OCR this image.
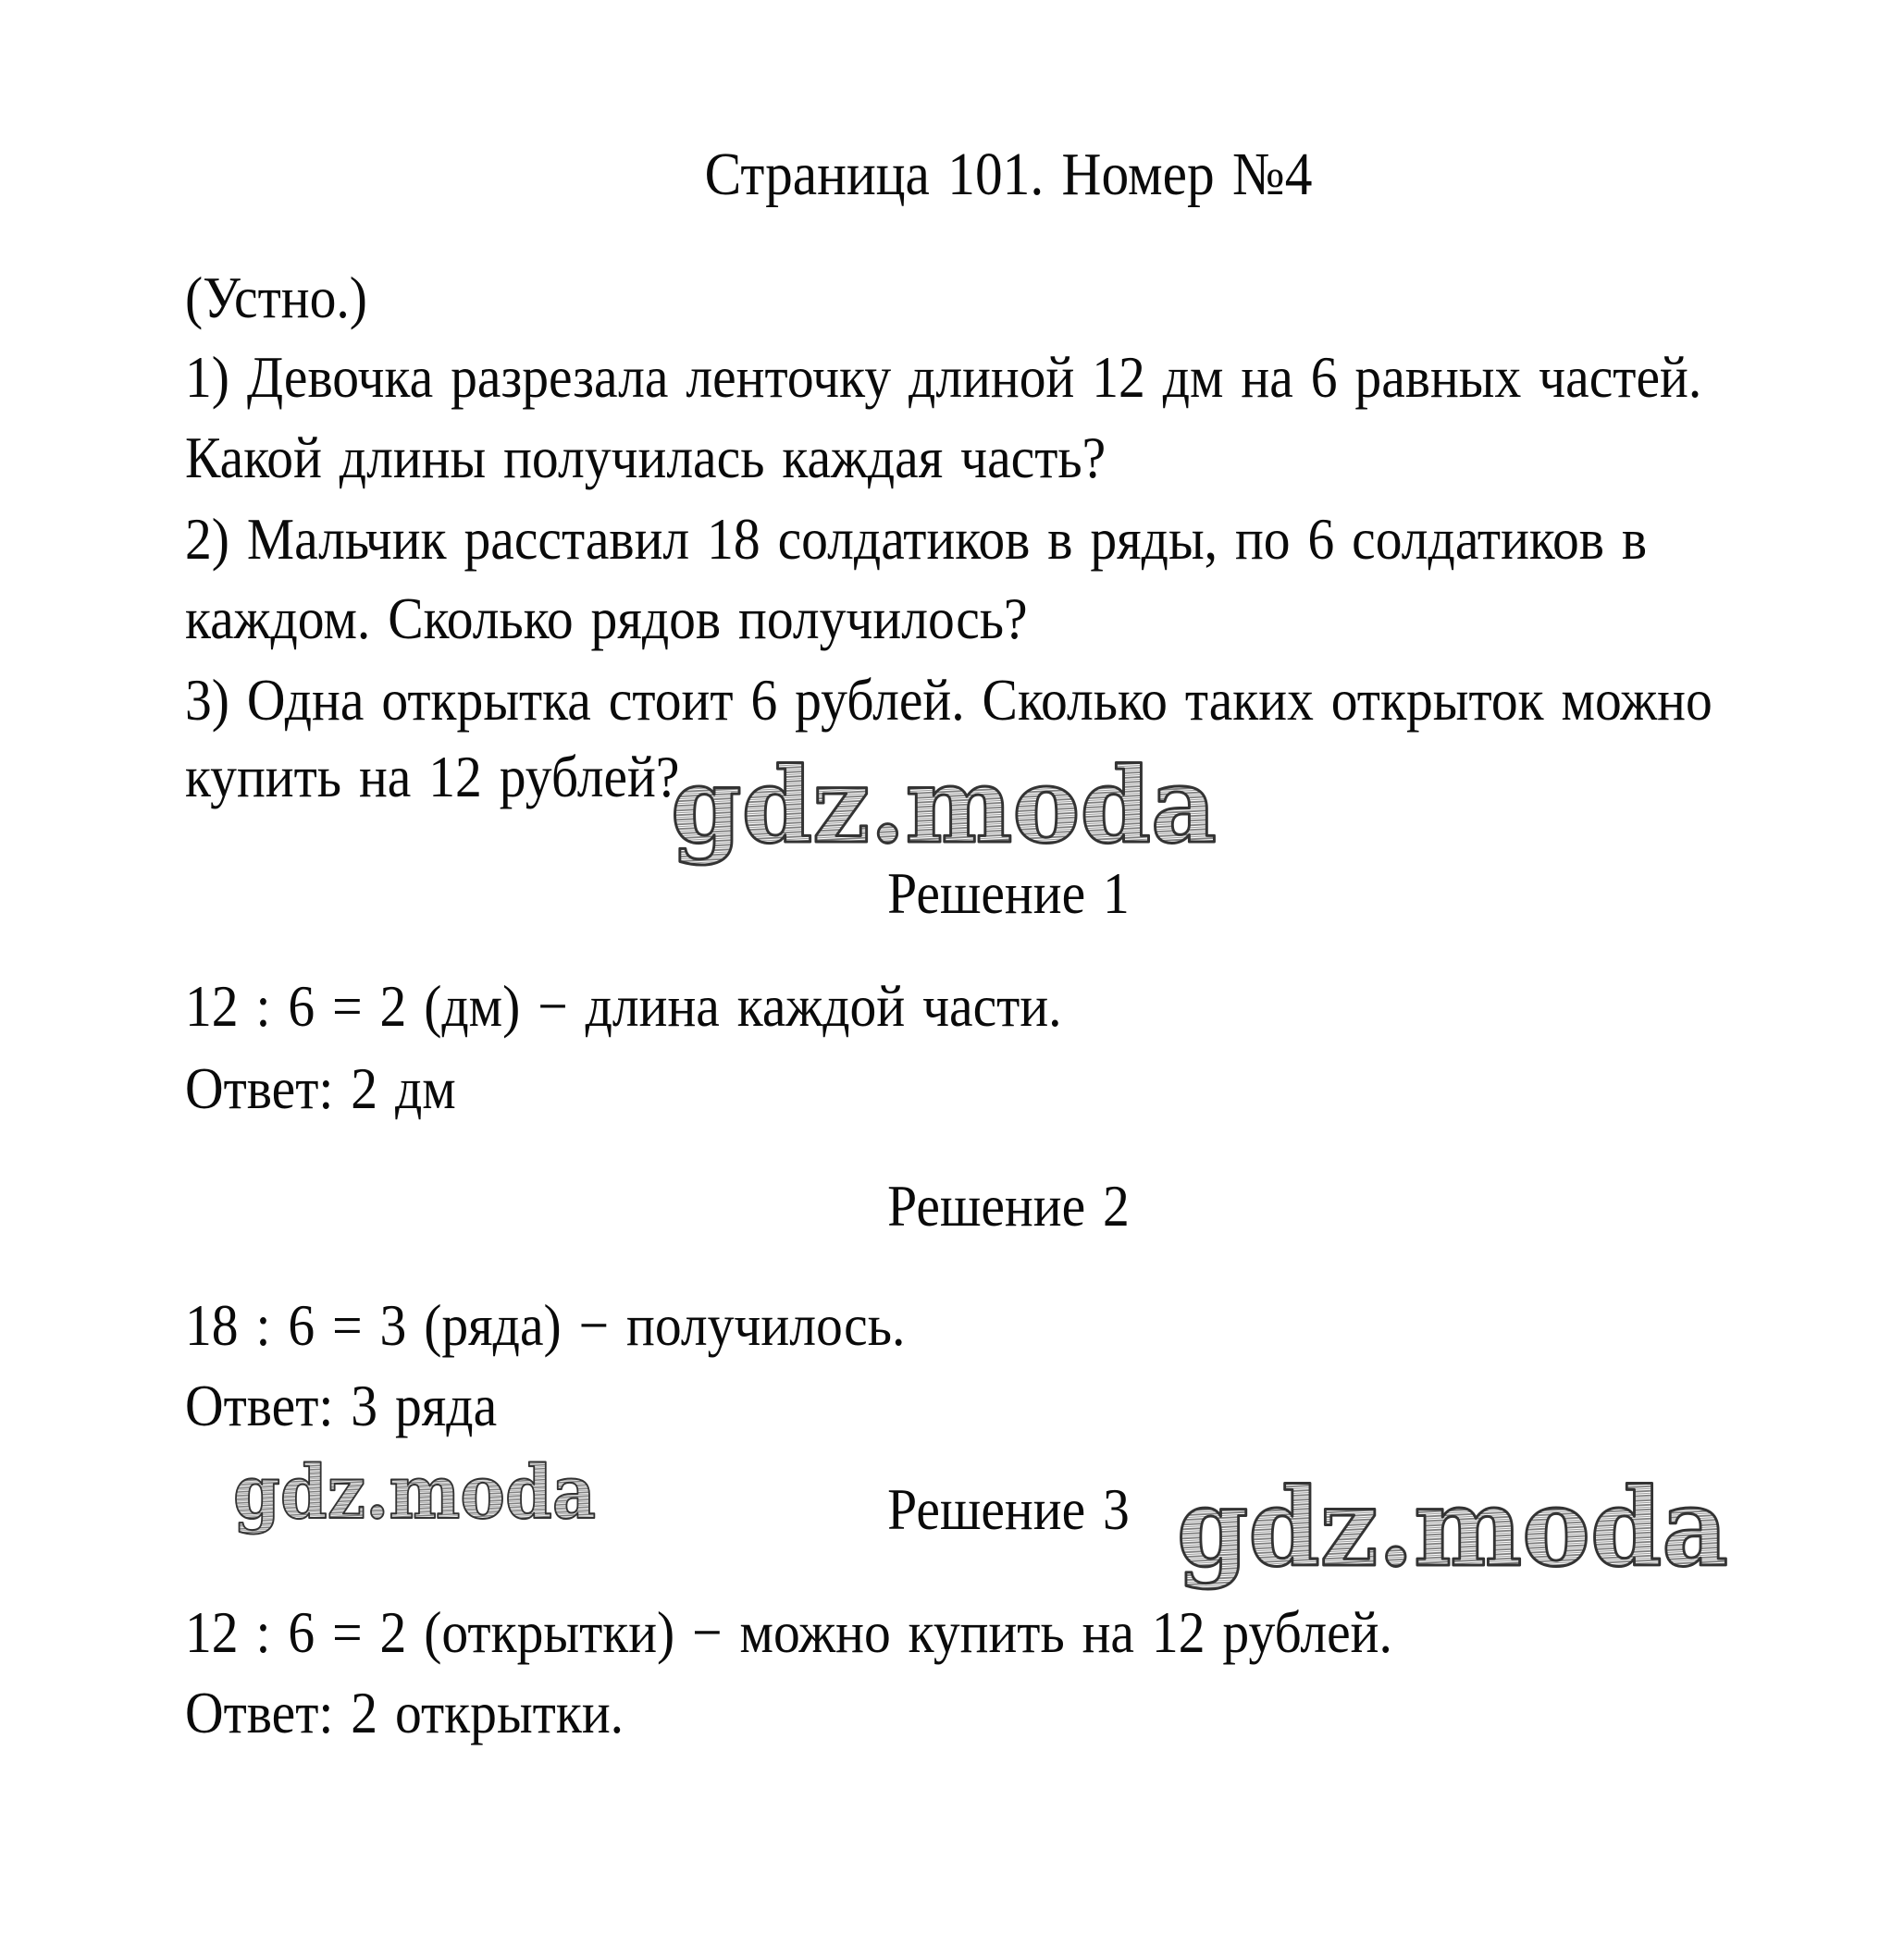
Страница 101. Номер №4
(Устно.)
1) Девочка разрезала ленточку длиной 12 дм на 6 равных частей.
Какой длины получилась каждая часть?
2) Мальчик расставил 18 солдатиков в ряды, по 6 солдатиков в
каждом. Сколько рядов получилось?
3) Одна открытка стоит 6 рублей. Сколько таких открыток можно
купить на 12 рублей?
gdz.moda
Решение 1
12 : 6 = 2 (дм) − длина каждой части.
Ответ: 2 дм
Решение 2
18 : 6 = 3 (ряда) − получилось.
Ответ: 3 ряда
gdz.moda	Решение 3 gdz.moda
12 : 6 = 2 (открытки) − можно купить на 12 рублей.
Ответ: 2 открытки.
